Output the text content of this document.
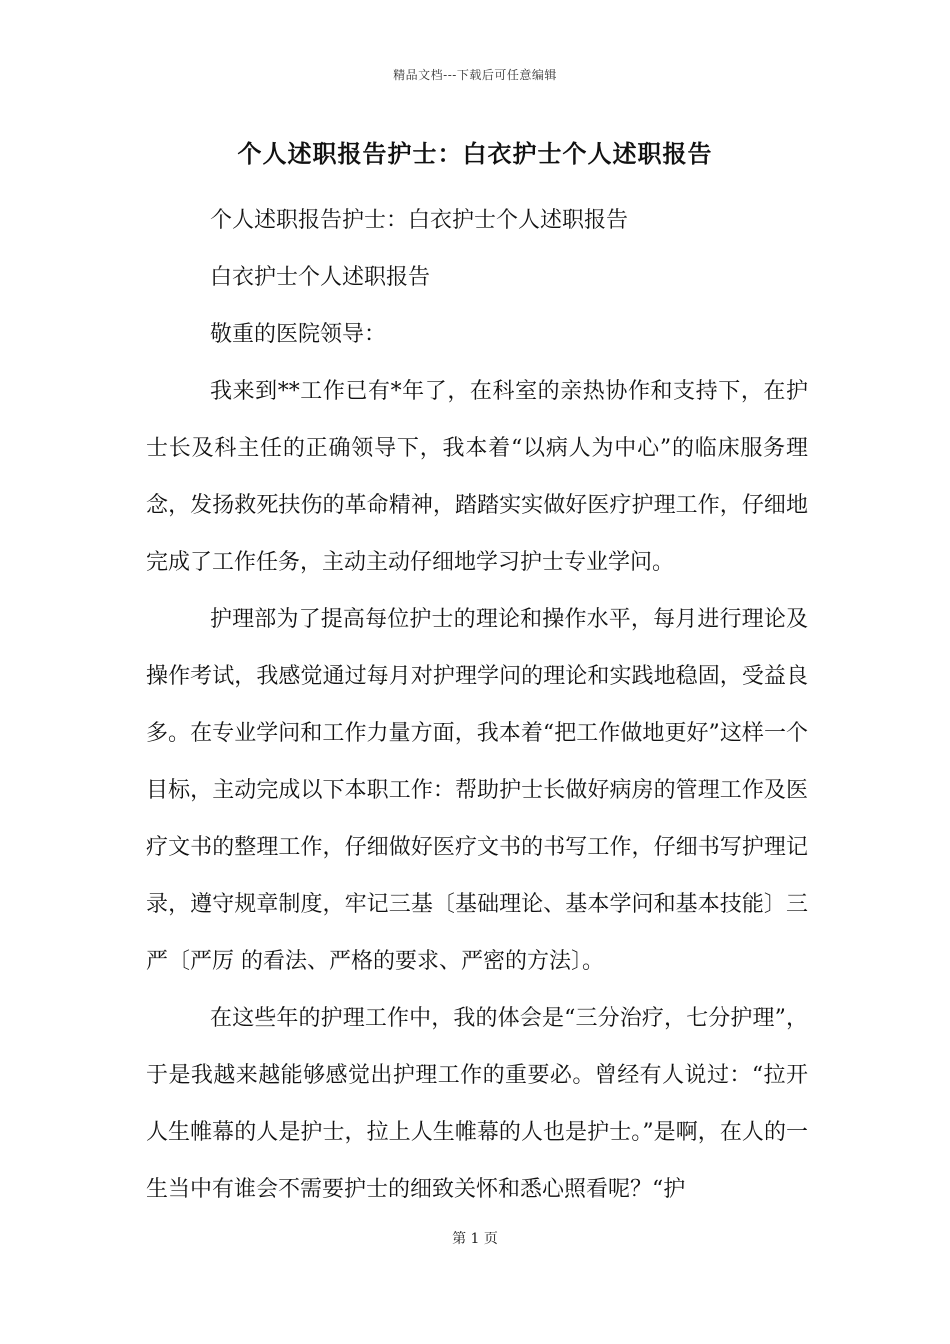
精品文档---下载后可任意编辑
个人述职报告护士：白衣护士个人述职报告

个人述职报告护士：白衣护士个人述职报告

白衣护士个人述职报告

敬重的医院领导：

我来到**工作已有*年了，在科室的亲热协作和支持下，在护士长及科主任的正确领导下，我本着“以病人为中心”的临床服务理念，发扬救死扶伤的革命精神，踏踏实实做好医疗护理工作，仔细地完成了工作任务，主动主动仔细地学习护士专业学问。

护理部为了提高每位护士的理论和操作水平，每月进行理论及操作考试，我感觉通过每月对护理学问的理论和实践地稳固，受益良多。在专业学问和工作力量方面，我本着“把工作做地更好”这样一个目标，主动完成以下本职工作：帮助护士长做好病房的管理工作及医疗文书的整理工作，仔细做好医疗文书的书写工作，仔细书写护理记录，遵守规章制度，牢记三基〔基础理论、基本学问和基本技能〕三严〔严厉 的看法、严格的要求、严密的方法〕。

在这些年的护理工作中，我的体会是“三分治疗，七分护理”，于是我越来越能够感觉出护理工作的重要必。曾经有人说过：“拉开人生帷幕的人是护士，拉上人生帷幕的人也是护士。”是啊，在人的一生当中有谁会不需要护士的细致关怀和悉心照看呢？“护

第 1 页
